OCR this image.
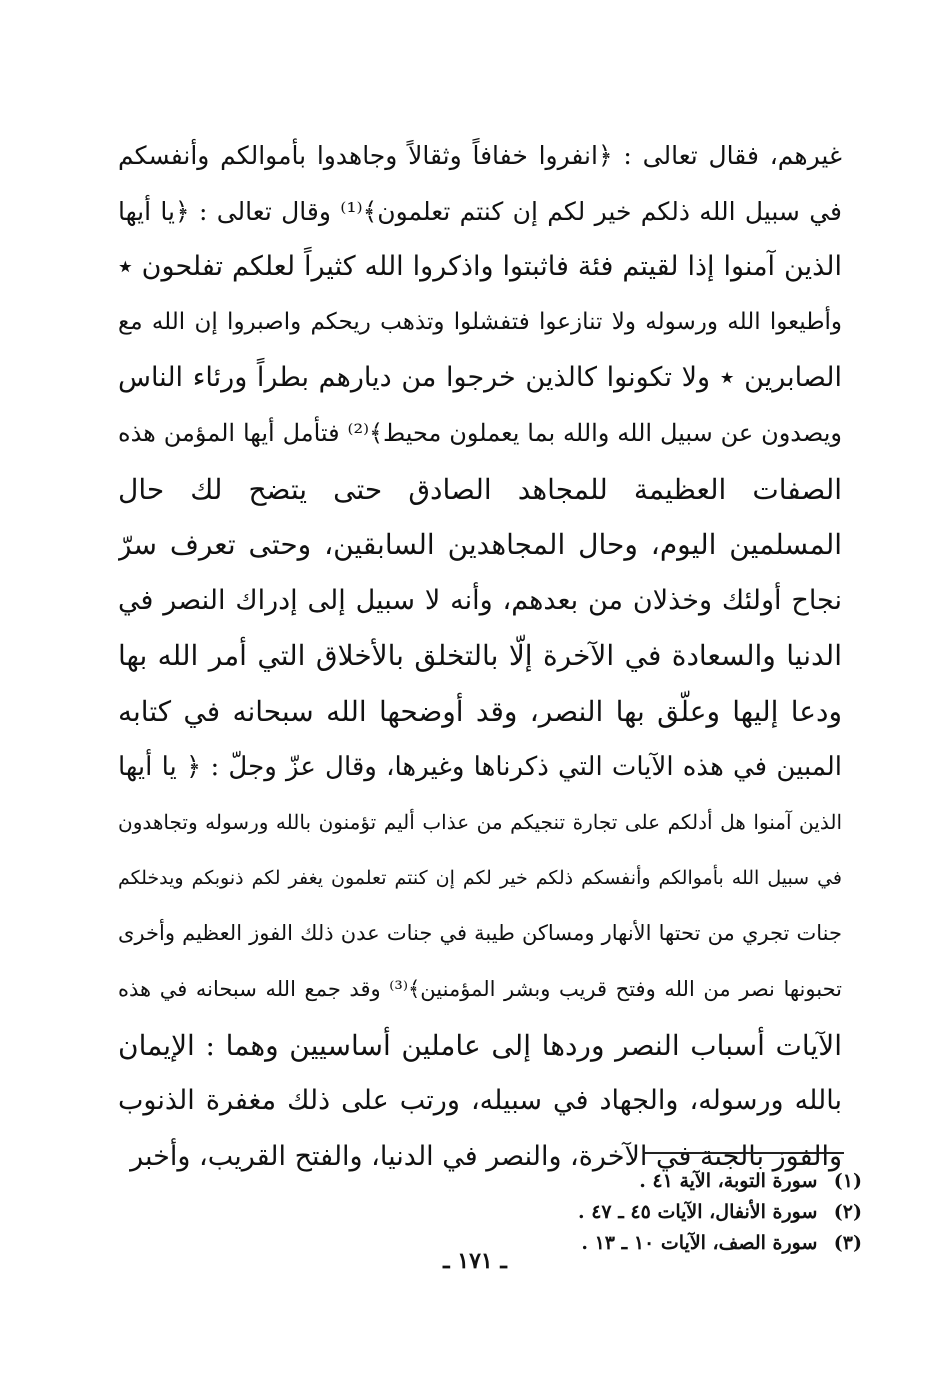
غيرهم، فقال تعالى : ﴿انفروا خفافاً وثقالاً وجاهدوا بأموالكم وأنفسكم
في سبيل الله ذلكم خير لكم إن كنتم تعلمون﴾⁽¹⁾ وقال تعالى : ﴿يا أيها
الذين آمنوا إذا لقيتم فئة فاثبتوا واذكروا الله كثيراً لعلكم تفلحون ٭
وأطيعوا الله ورسوله ولا تنازعوا فتفشلوا وتذهب ريحكم واصبروا إن الله مع
الصابرين ٭ ولا تكونوا كالذين خرجوا من ديارهم بطراً ورئاء الناس
ويصدون عن سبيل الله والله بما يعملون محيط﴾⁽²⁾ فتأمل أيها المؤمن هذه
الصفات العظيمة للمجاهد الصادق حتى يتضح لك حال
المسلمين اليوم، وحال المجاهدين السابقين، وحتى تعرف سرّ
نجاح أولئك وخذلان من بعدهم، وأنه لا سبيل إلى إدراك النصر في
الدنيا والسعادة في الآخرة إلّا بالتخلق بالأخلاق التي أمر الله بها
ودعا إليها وعلّق بها النصر، وقد أوضحها الله سبحانه في كتابه
المبين في هذه الآيات التي ذكرناها وغيرها، وقال عزّ وجلّ : ﴿ يا أيها
الذين آمنوا هل أدلكم على تجارة تنجيكم من عذاب أليم تؤمنون بالله ورسوله وتجاهدون
في سبيل الله بأموالكم وأنفسكم ذلكم خير لكم إن كنتم تعلمون يغفر لكم ذنوبكم ويدخلكم
جنات تجري من تحتها الأنهار ومساكن طيبة في جنات عدن ذلك الفوز العظيم وأخرى
تحبونها نصر من الله وفتح قريب وبشر المؤمنين﴾⁽³⁾ وقد جمع الله سبحانه في هذه
الآيات أسباب النصر وردها إلى عاملين أساسيين وهما : الإيمان
بالله ورسوله، والجهاد في سبيله، ورتب على ذلك مغفرة الذنوب
والفوز بالجنة في الآخرة، والنصر في الدنيا، والفتح القريب، وأخبر
(١) سورة التوبة، الآية ٤١ .
(٢) سورة الأنفال، الآيات ٤٥ ـ ٤٧ .
(٣) سورة الصف، الآيات ١٠ ـ ١٣ .
ـ ١٧١ ـ
